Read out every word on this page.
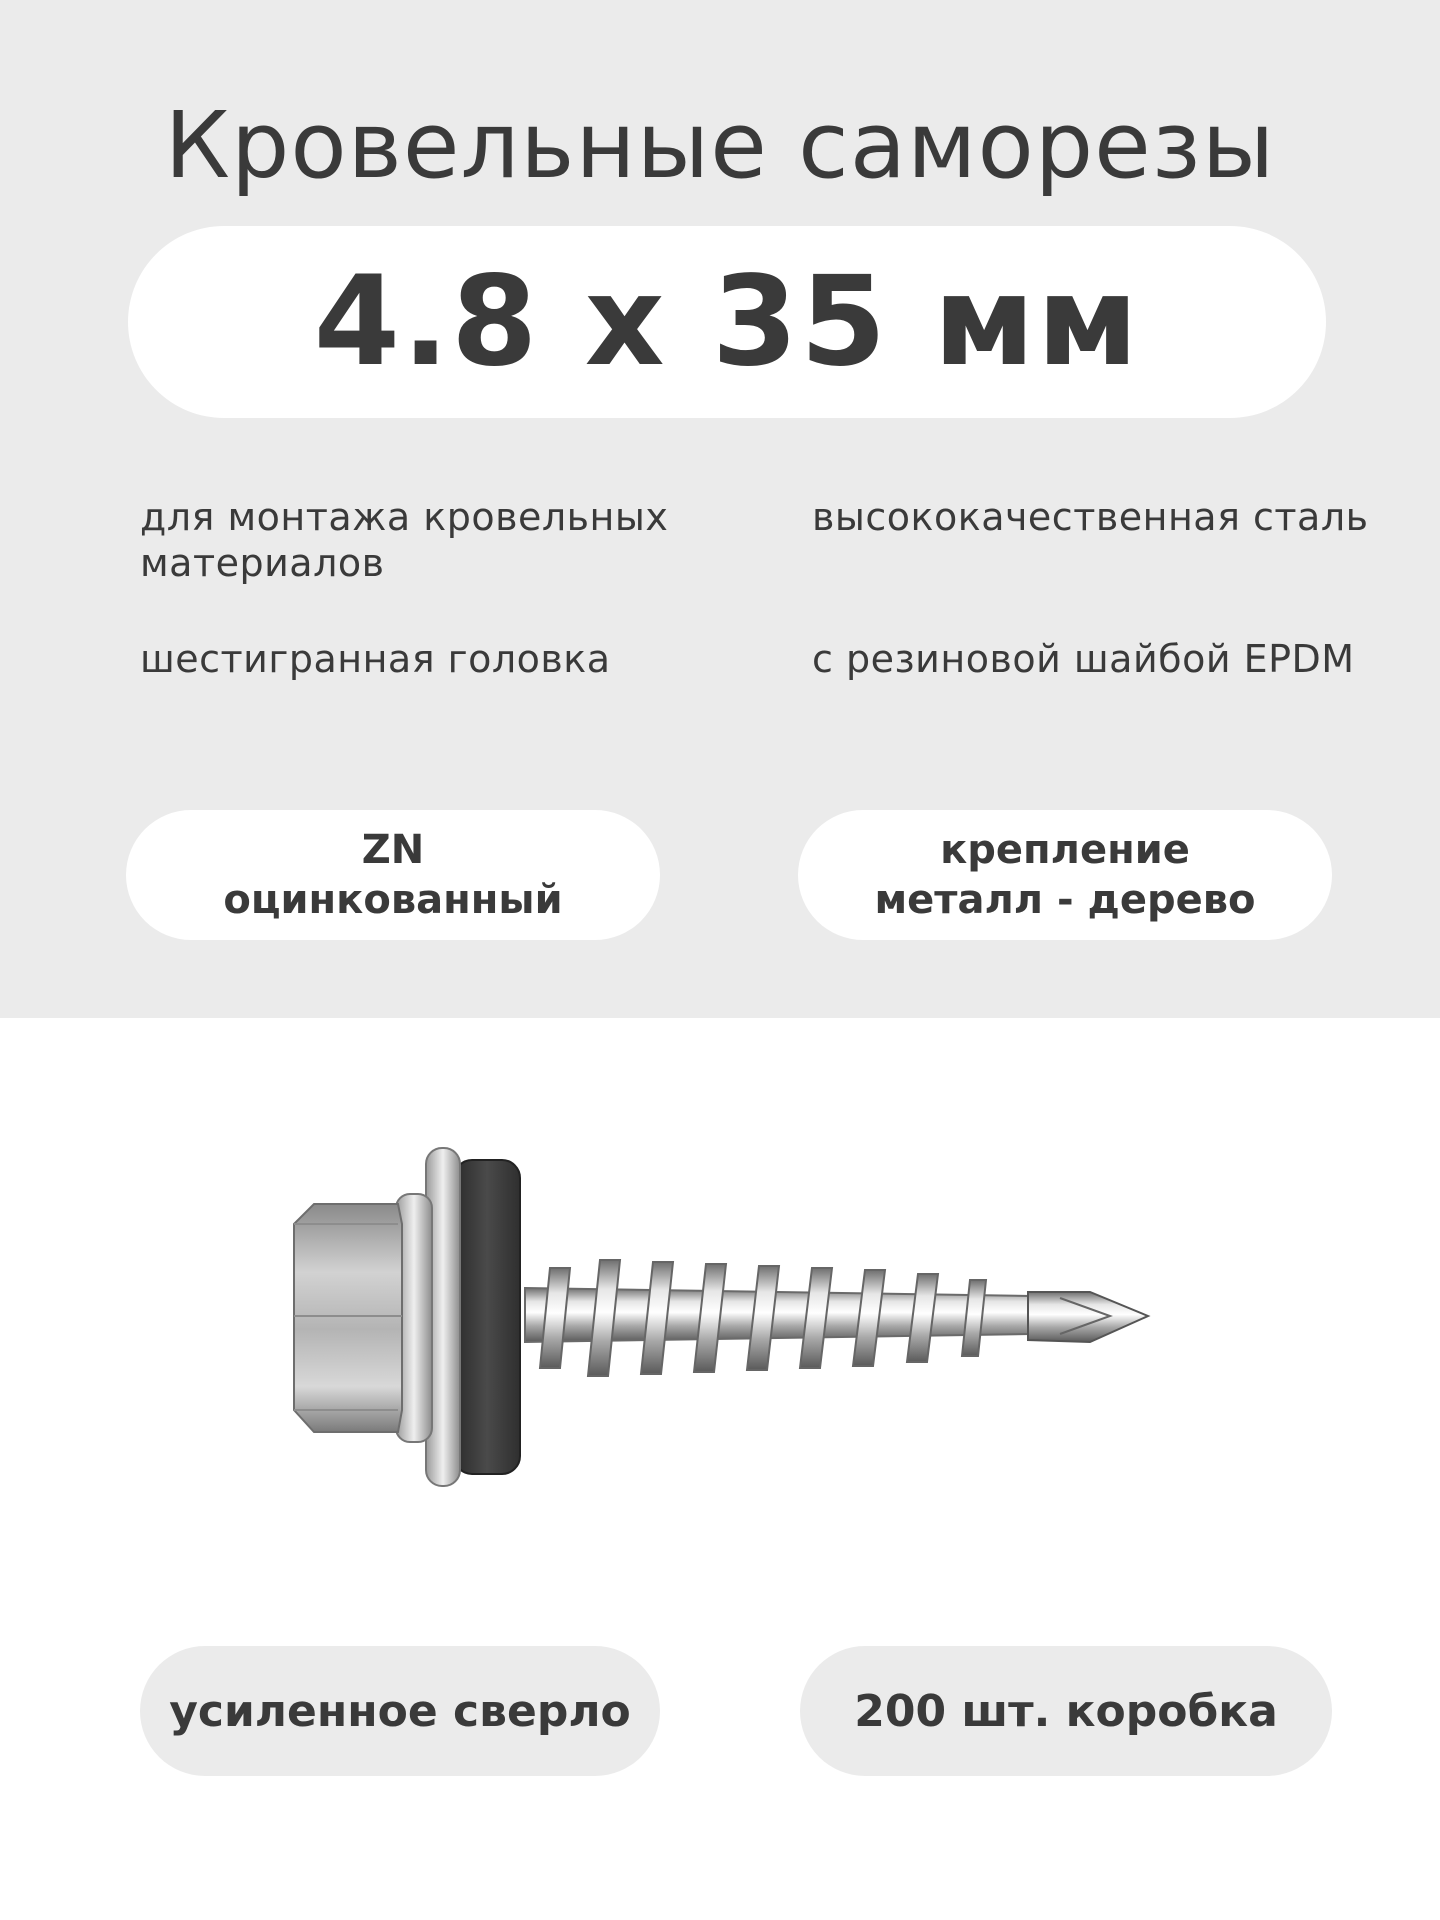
Кровельные саморезы
4.8 x 35 мм
для монтажа кровельных материалов
высококачественная сталь
шестигранная головка	с резиновой шайбой EPDM
ZN
оцинкованный
крепление
металл - дерево
усиленное сверло	200 шт. коробка
